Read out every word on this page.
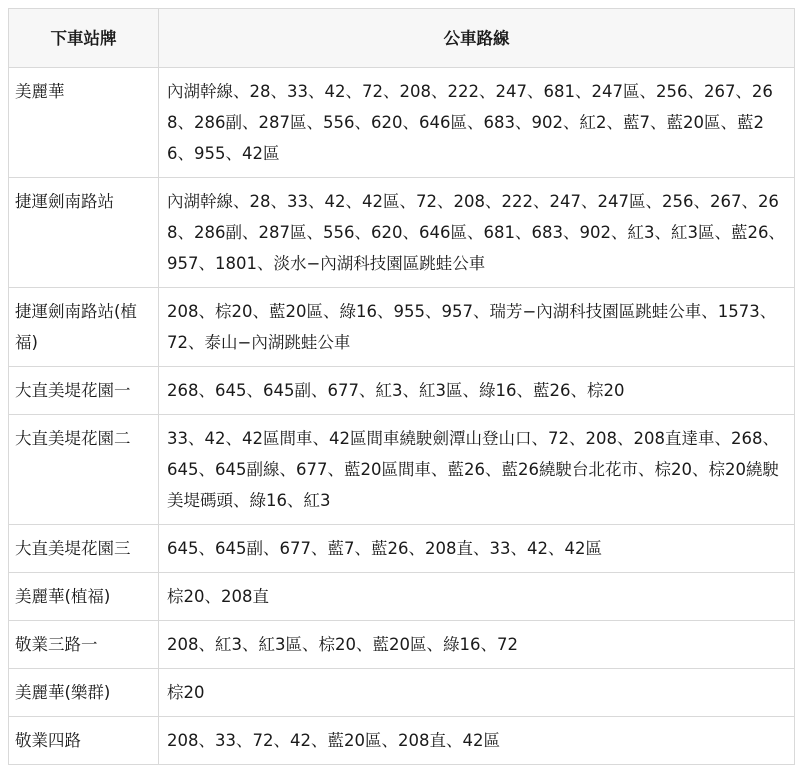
下車站牌	公車路線
美麗華	內湖幹線、28、33、42、72、208、222、247、681、247區、256、267、268、286副、287區、556、620、646區、683、902、紅2、藍7、藍20區、藍26、955、42區
捷運劍南路站	內湖幹線、28、33、42、42區、72、208、222、247、247區、256、267、268、286副、287區、556、620、646區、681、683、902、紅3、紅3區、藍26、957、1801、淡水−內湖科技園區跳蛙公車
捷運劍南路站(植福)	208、棕20、藍20區、綠16、955、957、瑞芳−內湖科技園區跳蛙公車、1573、72、泰山−內湖跳蛙公車
大直美堤花園一	268、645、645副、677、紅3、紅3區、綠16、藍26、棕20
大直美堤花園二	33、42、42區間車、42區間車繞駛劍潭山登山口、72、208、208直達車、268、645、645副線、677、藍20區間車、藍26、藍26繞駛台北花市、棕20、棕20繞駛美堤碼頭、綠16、紅3
大直美堤花園三	645、645副、677、藍7、藍26、208直、33、42、42區
美麗華(植福)	棕20、208直
敬業三路一	208、紅3、紅3區、棕20、藍20區、綠16、72
美麗華(樂群)	棕20
敬業四路	208、33、72、42、藍20區、208直、42區
